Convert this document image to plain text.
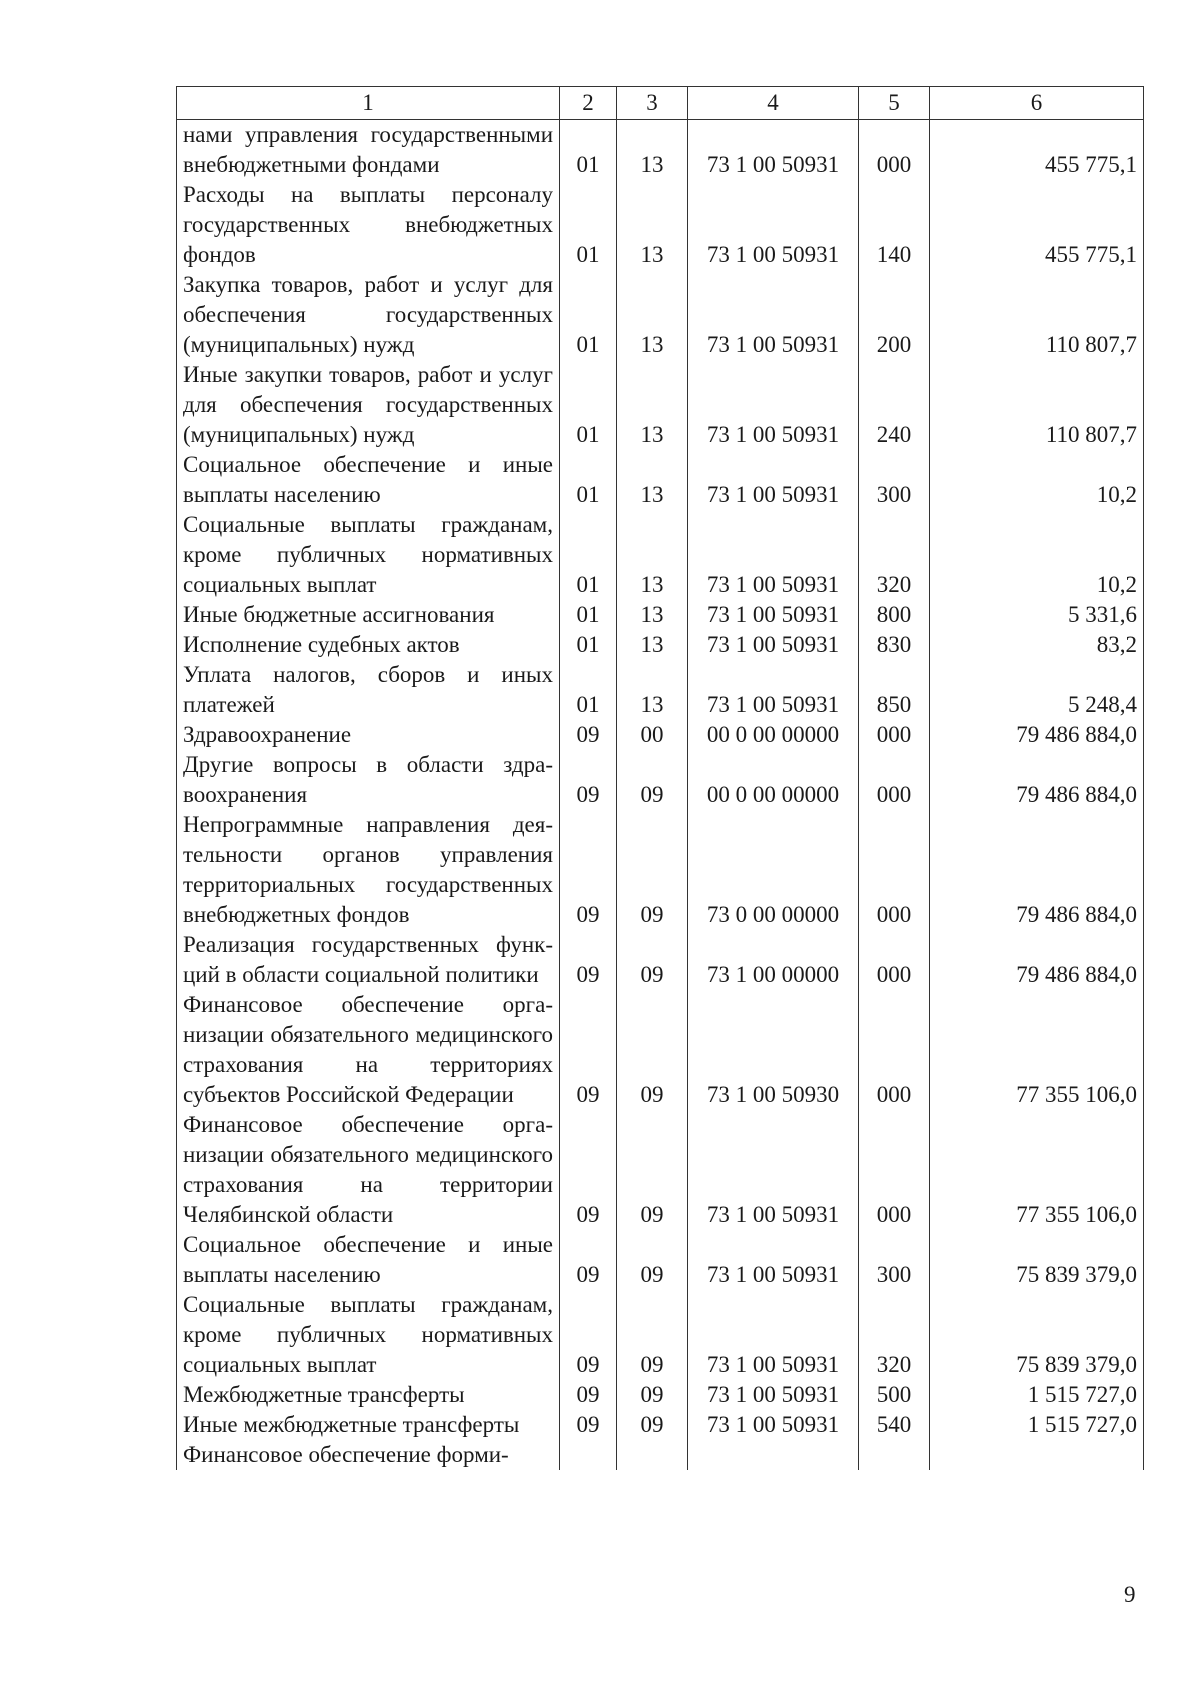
1	2	3	4	5	6
нами управления государственными внебюджетными фондами	01	13	73 1 00 50931	000	455 775,1
Расходы на выплаты персоналу государственных внебюджетных фондов	01	13	73 1 00 50931	140	455 775,1
Закупка товаров, работ и услуг для обеспечения государственных (муниципальных) нужд	01	13	73 1 00 50931	200	110 807,7
Иные закупки товаров, работ и услуг для обеспечения государственных (муниципальных) нужд	01	13	73 1 00 50931	240	110 807,7
Социальное обеспечение и иные выплаты населению	01	13	73 1 00 50931	300	10,2
Социальные выплаты гражданам, кроме публичных нормативных социальных выплат	01	13	73 1 00 50931	320	10,2
Иные бюджетные ассигнования	01	13	73 1 00 50931	800	5 331,6
Исполнение судебных актов	01	13	73 1 00 50931	830	83,2
Уплата налогов, сборов и иных платежей	01	13	73 1 00 50931	850	5 248,4
Здравоохранение	09	00	00 0 00 00000	000	79 486 884,0
Другие вопросы в области здравоохранения	09	09	00 0 00 00000	000	79 486 884,0
Непрограммные направления деятельности органов управления территориальных государственных внебюджетных фондов	09	09	73 0 00 00000	000	79 486 884,0
Реализация государственных функций в области социальной политики	09	09	73 1 00 00000	000	79 486 884,0
Финансовое обеспечение организации обязательного медицинского страхования на территориях субъектов Российской Федерации	09	09	73 1 00 50930	000	77 355 106,0
Финансовое обеспечение организации обязательного медицинского страхования на территории Челябинской области	09	09	73 1 00 50931	000	77 355 106,0
Социальное обеспечение и иные выплаты населению	09	09	73 1 00 50931	300	75 839 379,0
Социальные выплаты гражданам, кроме публичных нормативных социальных выплат	09	09	73 1 00 50931	320	75 839 379,0
Межбюджетные трансферты	09	09	73 1 00 50931	500	1 515 727,0
Иные межбюджетные трансферты	09	09	73 1 00 50931	540	1 515 727,0
Финансовое обеспечение форми-					
9
